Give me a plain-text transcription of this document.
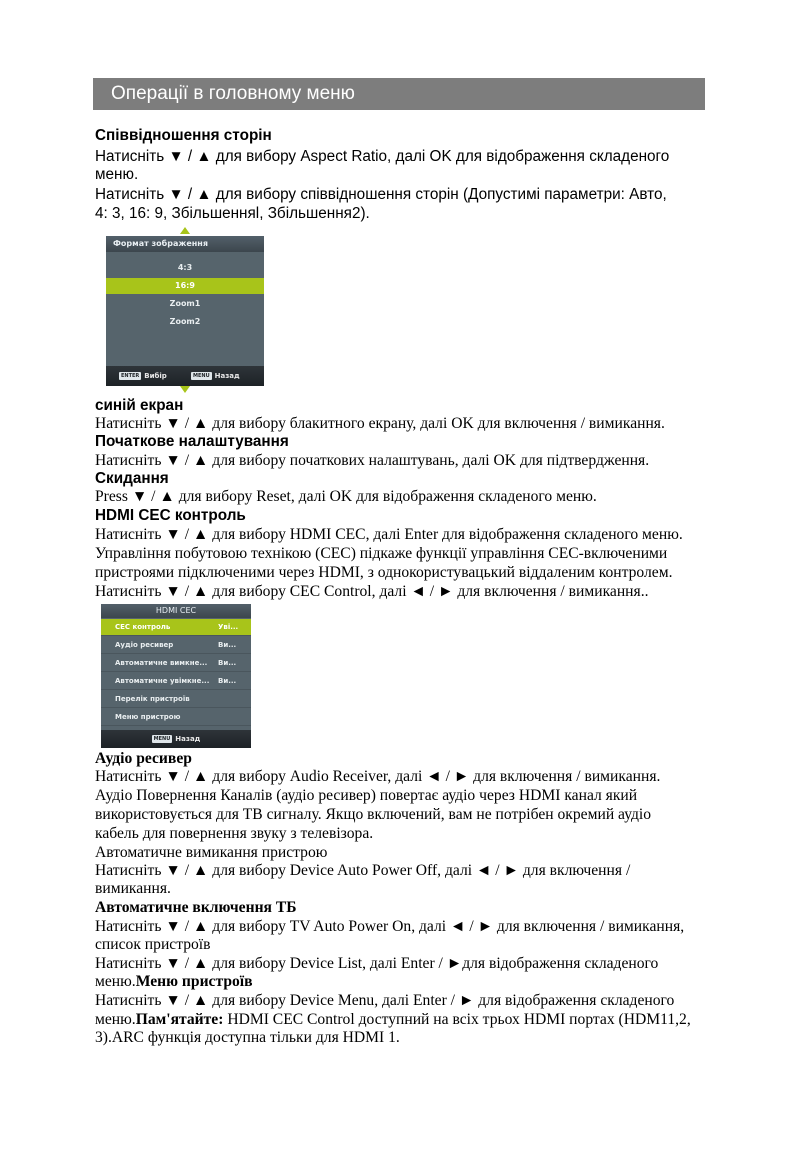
Операції в головному меню
Співвідношення сторін
Натисніть ▼ / ▲ для вибору Aspect Ratio, далі OK для відображення складеного
меню.
Натисніть ▼ / ▲ для вибору співвідношення сторін (Допустимі параметри: Авто,
4: 3, 16: 9, Збільшенняl, Збільшення2).
Формат зображення
4:3
16:9
Zoom1
Zoom2
ENTER Вибір	MENU Назад
синій екран
Натисніть ▼ / ▲ для вибору блакитного екрану, далі OK для включення / вимикання.
Початкове налаштування
Натисніть ▼ / ▲ для вибору початкових налаштувань, далі OK для підтвердження.
Скидання
Press ▼ / ▲ для вибору Reset, далі OK для відображення складеного меню.
HDMI CEC контроль
Натисніть ▼ / ▲ для вибору HDMI CEC, далі Enter для відображення складеного меню.
Управління побутовою технікою (CEC) підкаже функції управління CEC-включеними
пристроями підключеними через HDMI, з однокористувацький віддаленим контролем.
Натисніть ▼ / ▲ для вибору CEC Control, далі ◄ / ► для включення / вимикання..
HDMI CEC
CEC контроль	Увi...
Аудіо ресивер	Ви...
Автоматичне вимкне... Ви...
Автоматичне увімкне... Ви...
Перелік пристроїв
Меню пристрою
MENU Назад
Аудіо ресивер
Натисніть ▼ / ▲ для вибору Audio Receiver, далі ◄ / ► для включення / вимикання.
Аудіо Повернення Каналів (аудіо ресивер) повертає аудіо через HDMI канал який
використовується для ТВ сигналу. Якщо включений, вам не потрібен окремий аудіо
кабель для повернення звуку з телевізора.
Автоматичне вимикання пристрою
Натисніть ▼ / ▲ для вибору Device Auto Power Off, далі ◄ / ► для включення /
вимикання.
Автоматичне включення ТБ
Натисніть ▼ / ▲ для вибору TV Auto Power On, далі ◄ / ► для включення / вимикання,
список пристроїв
Натисніть ▼ / ▲ для вибору Device List, далі Enter / ►для відображення складеного
меню.Меню пристроїв
Натисніть ▼ / ▲ для вибору Device Menu, далі Enter / ► для відображення складеного
меню.Пам'ятайте: HDMI CEC Control доступний на всіх трьох HDMI портах (HDM11,2,
3).ARC функція доступна тільки для HDMI 1.
